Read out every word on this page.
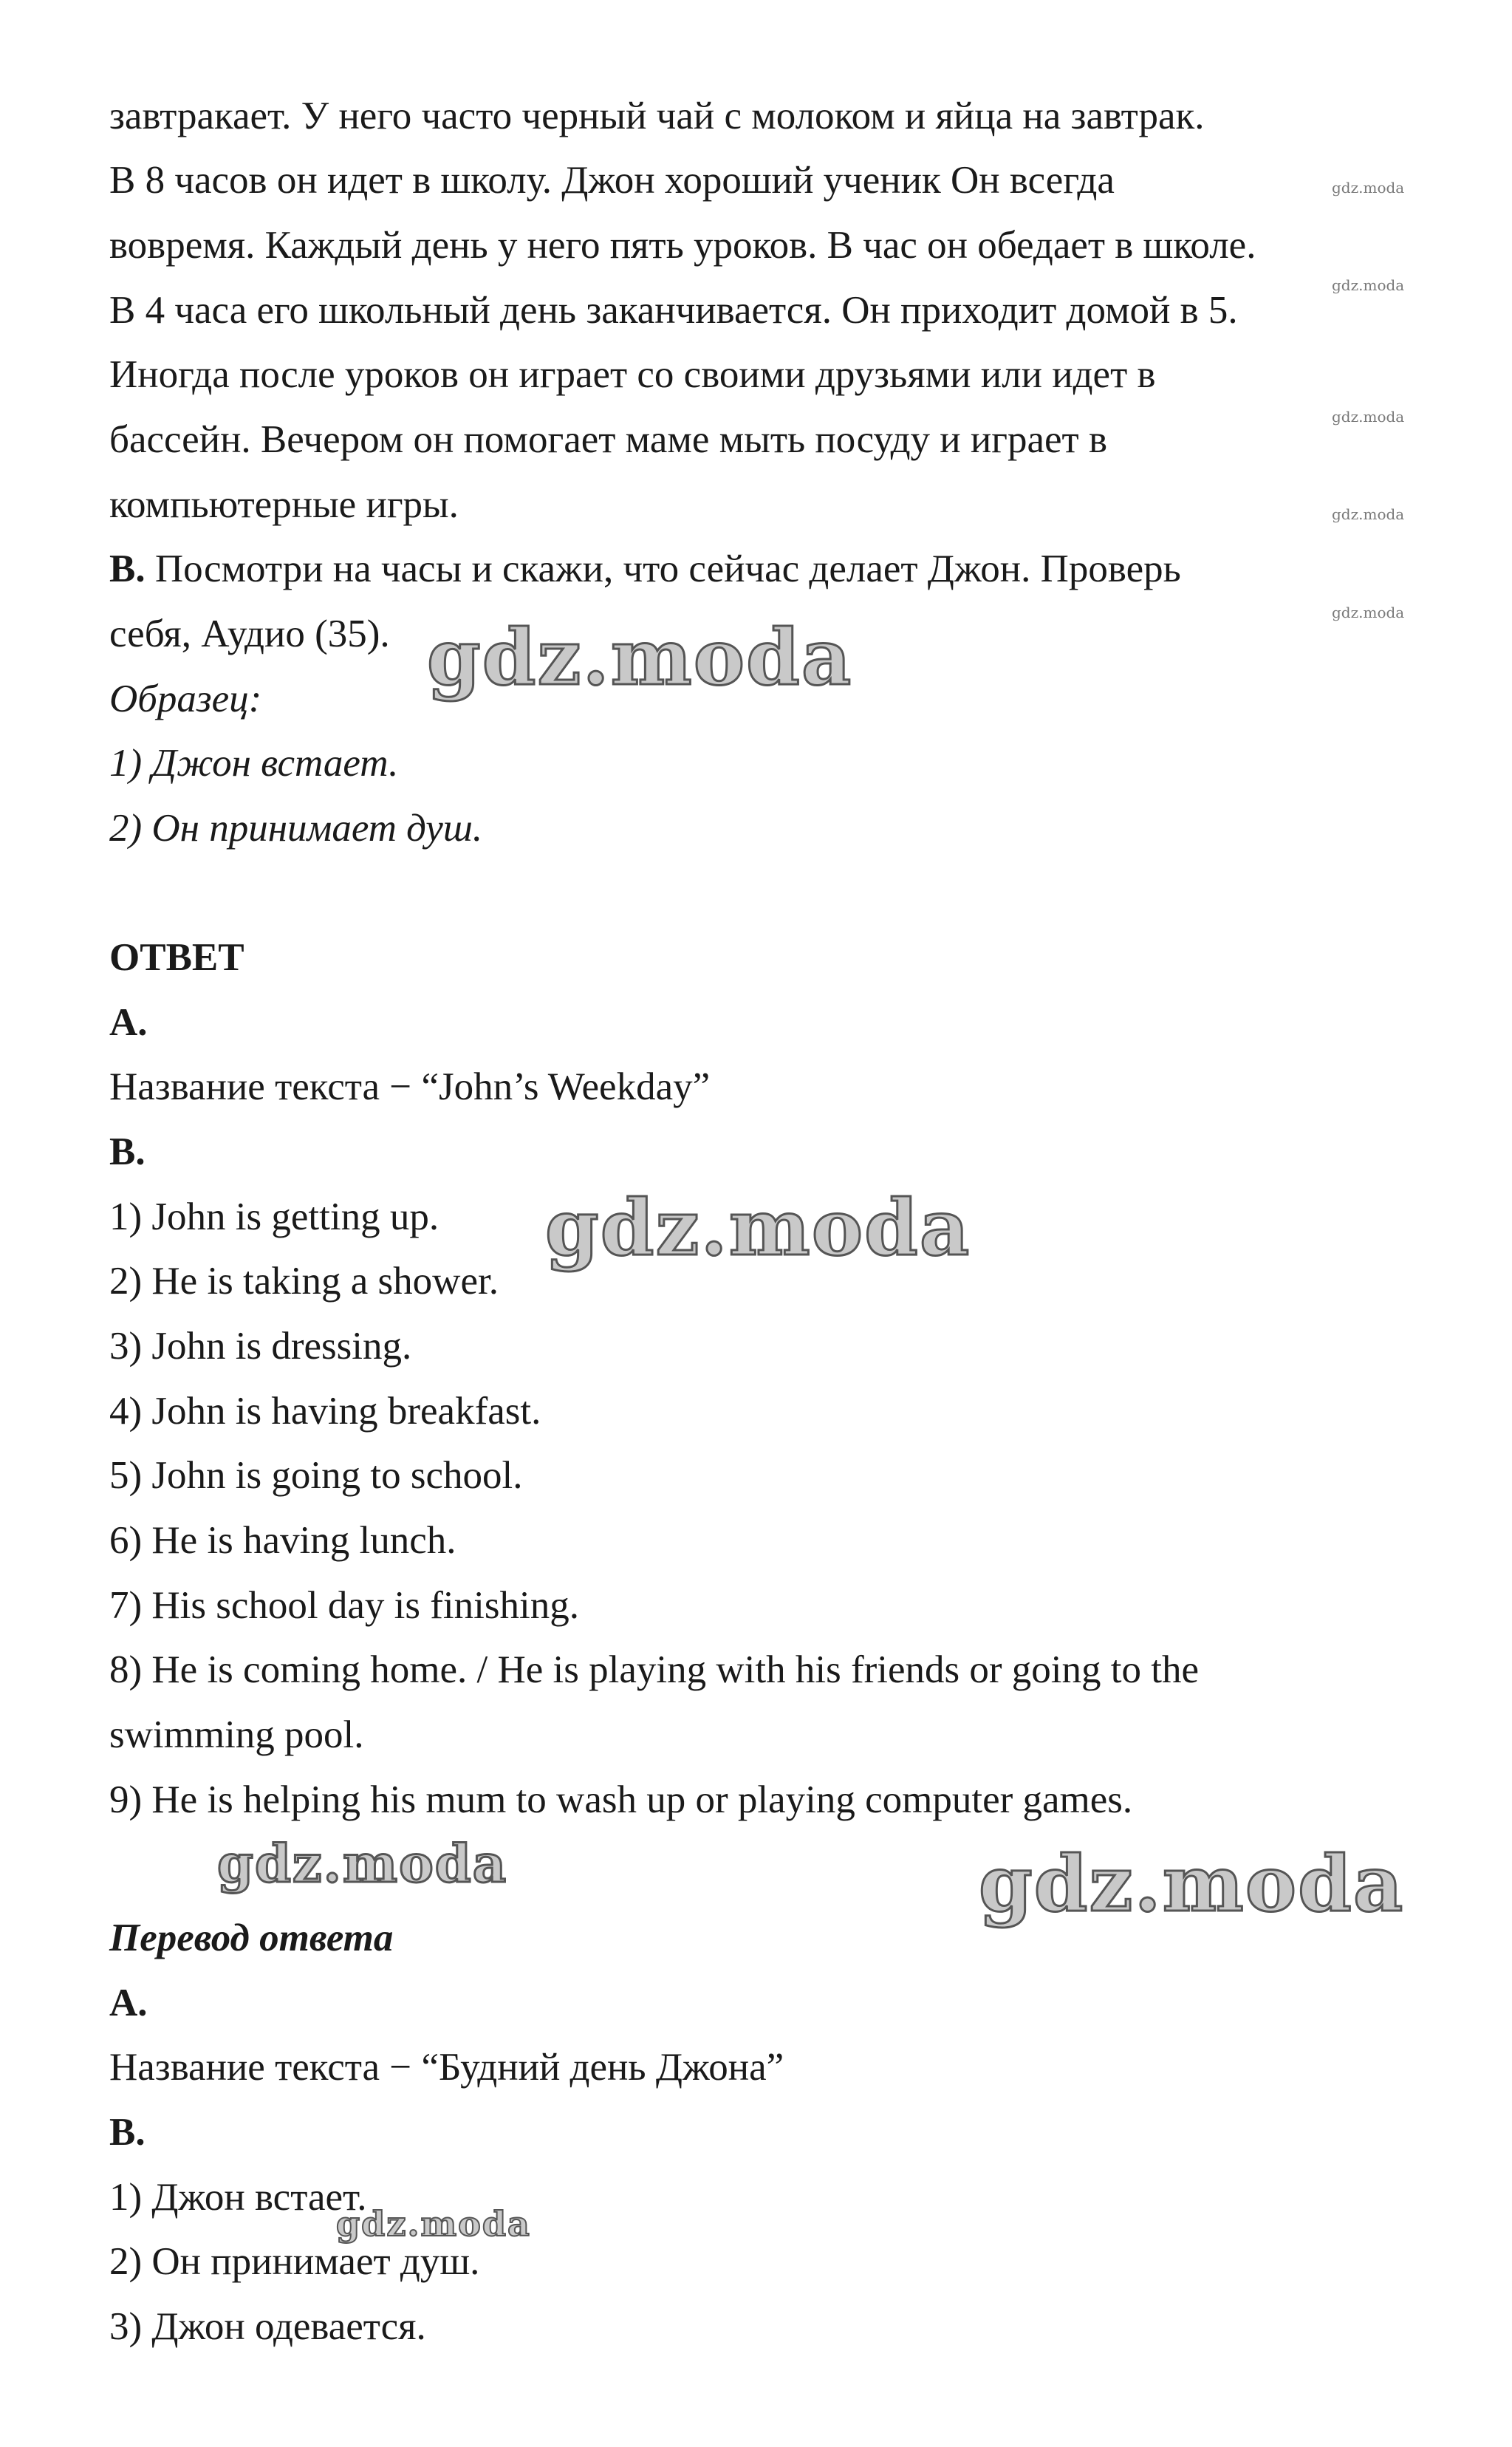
завтракает. У него часто черный чай с молоком и яйца на завтрак.
В 8 часов он идет в школу. Джон хороший ученик Он всегда
вовремя. Каждый день у него пять уроков. В час он обедает в школе.
В 4 часа его школьный день заканчивается. Он приходит домой в 5.
Иногда после уроков он играет со своими друзьями или идет в
бассейн. Вечером он помогает маме мыть посуду и играет в
компьютерные игры.
В. Посмотри на часы и скажи, что сейчас делает Джон. Проверь
себя, Аудио (35).
Образец:
1) Джон встает.
2) Он принимает душ.
ОТВЕТ
A.
Название текста − “John’s Weekday”
B.
1) John is getting up.
2) He is taking a shower.
3) John is dressing.
4) John is having breakfast.
5) John is going to school.
6) He is having lunch.
7) His school day is finishing.
8) He is coming home. / He is playing with his friends or going to the
swimming pool.
9) He is helping his mum to wash up or playing computer games.
Перевод ответа
А.
Название текста − “Будний день Джона”
В.
1) Джон встает.
2) Он принимает душ.
3) Джон одевается.
gdz.moda
gdz.moda
gdz.moda	gdz.moda
gdz.moda
gdz.moda
gdz.moda
gdz.moda
gdz.moda
gdz.moda
